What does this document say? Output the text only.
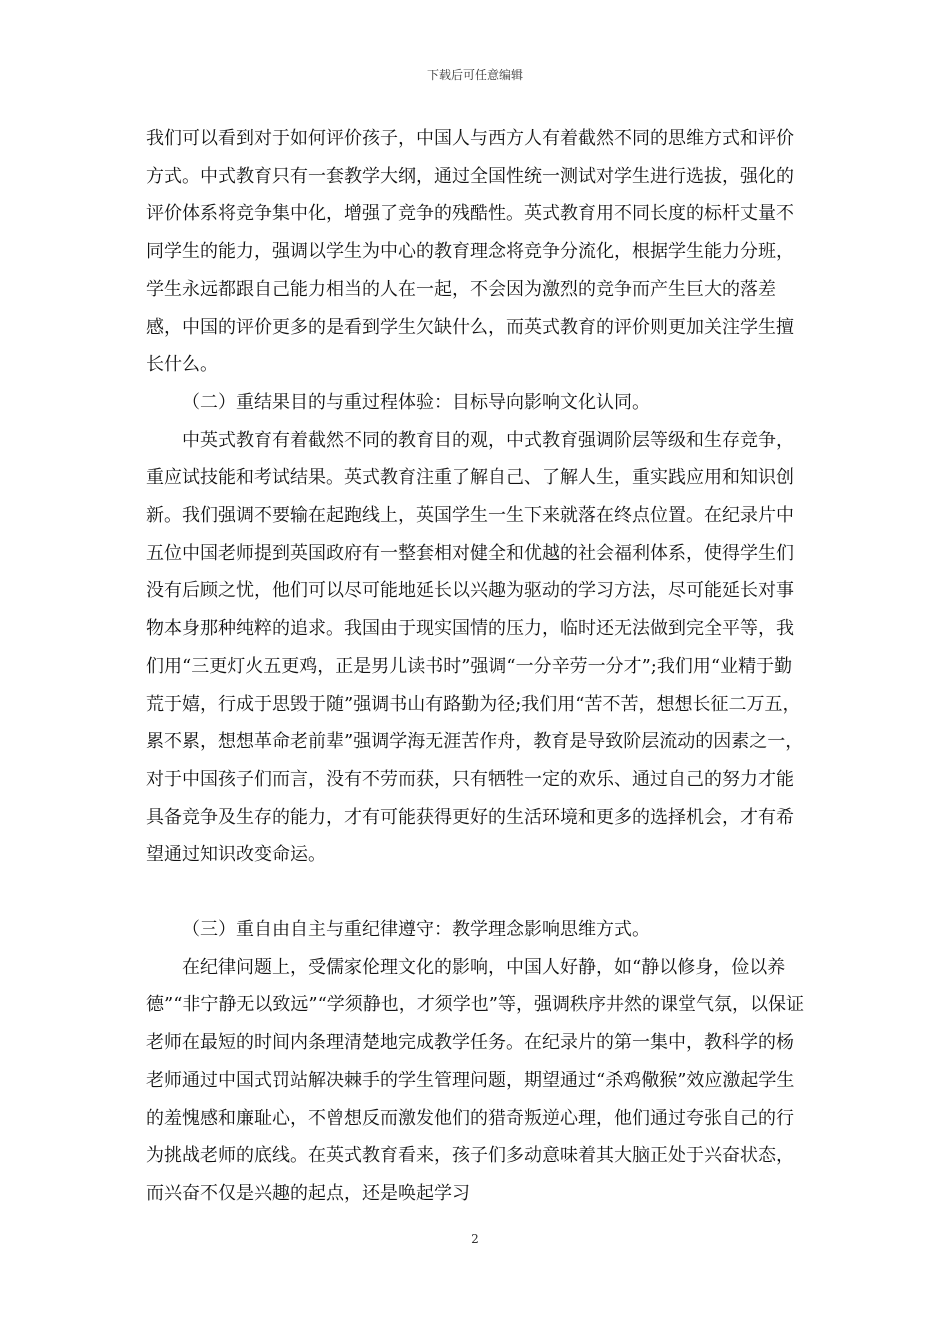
下载后可任意编辑

我们可以看到对于如何评价孩子，中国人与西方人有着截然不同的思维方式和评价方式。中式教育只有一套教学大纲，通过全国性统一测试对学生进行选拔，强化的评价体系将竞争集中化，增强了竞争的残酷性。英式教育用不同长度的标杆丈量不同学生的能力，强调以学生为中心的教育理念将竞争分流化，根据学生能力分班，学生永远都跟自己能力相当的人在一起，不会因为激烈的竞争而产生巨大的落差感，中国的评价更多的是看到学生欠缺什么，而英式教育的评价则更加关注学生擅长什么。

（二）重结果目的与重过程体验：目标导向影响文化认同。

中英式教育有着截然不同的教育目的观，中式教育强调阶层等级和生存竞争，重应试技能和考试结果。英式教育注重了解自己、了解人生，重实践应用和知识创新。我们强调不要输在起跑线上，英国学生一生下来就落在终点位置。在纪录片中五位中国老师提到英国政府有一整套相对健全和优越的社会福利体系，使得学生们没有后顾之忧，他们可以尽可能地延长以兴趣为驱动的学习方法，尽可能延长对事物本身那种纯粹的追求。我国由于现实国情的压力，临时还无法做到完全平等，我们用“三更灯火五更鸡，正是男儿读书时”强调“一分辛劳一分才”;我们用“业精于勤荒于嬉，行成于思毁于随”强调书山有路勤为径;我们用“苦不苦，想想长征二万五，累不累，想想革命老前辈”强调学海无涯苦作舟，教育是导致阶层流动的因素之一，对于中国孩子们而言，没有不劳而获，只有牺牲一定的欢乐、通过自己的努力才能具备竞争及生存的能力，才有可能获得更好的生活环境和更多的选择机会，才有希望通过知识改变命运。

（三）重自由自主与重纪律遵守：教学理念影响思维方式。

在纪律问题上，受儒家伦理文化的影响，中国人好静，如“静以修身，俭以养德”“非宁静无以致远”“学须静也，才须学也”等，强调秩序井然的课堂气氛，以保证老师在最短的时间内条理清楚地完成教学任务。在纪录片的第一集中，教科学的杨老师通过中国式罚站解决棘手的学生管理问题，期望通过“杀鸡儆猴”效应激起学生的羞愧感和廉耻心，不曾想反而激发他们的猎奇叛逆心理，他们通过夸张自己的行为挑战老师的底线。在英式教育看来，孩子们多动意味着其大脑正处于兴奋状态，而兴奋不仅是兴趣的起点，还是唤起学习

2
